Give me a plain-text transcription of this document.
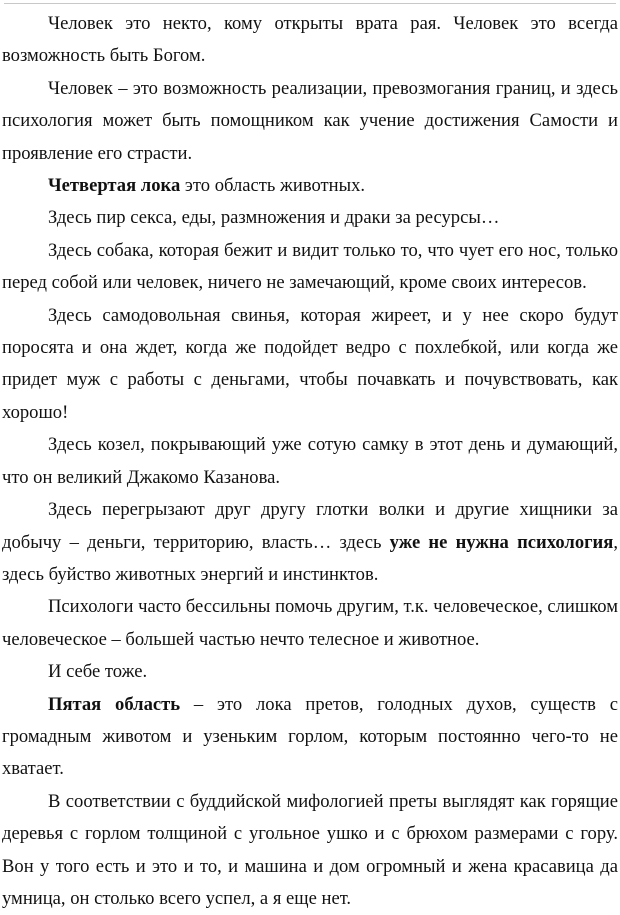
Человек это некто, кому открыты врата рая. Человек это всегда возможность быть Богом.

Человек – это возможность реализации, превозмогания границ, и здесь психология может быть помощником как учение достижения Самости и проявление его страсти.

Четвертая лока это область животных.

Здесь пир секса, еды, размножения и драки за ресурсы…

Здесь собака, которая бежит и видит только то, что чует его нос, только перед собой или человек, ничего не замечающий, кроме своих интересов.

Здесь самодовольная свинья, которая жиреет, и у нее скоро будут поросята и она ждет, когда же подойдет ведро с похлебкой, или когда же придет муж с работы с деньгами, чтобы почавкать и почувствовать, как хорошо!

Здесь козел, покрывающий уже сотую самку в этот день и думающий, что он великий Джакомо Казанова.

Здесь перегрызают друг другу глотки волки и другие хищники за добычу – деньги, территорию, власть… здесь уже не нужна психология, здесь буйство животных энергий и инстинктов.

Психологи часто бессильны помочь другим, т.к. человеческое, слишком человеческое – большей частью нечто телесное и животное.

И себе тоже.

Пятая область – это лока претов, голодных духов, существ с громадным животом и узеньким горлом, которым постоянно чего-то не хватает.

В соответствии с буддийской мифологией преты выглядят как горящие деревья с горлом толщиной с угольное ушко и с брюхом размерами с гору. Вон у того есть и это и то, и машина и дом огромный и жена красавица да умница, он столько всего успел, а я еще нет.
